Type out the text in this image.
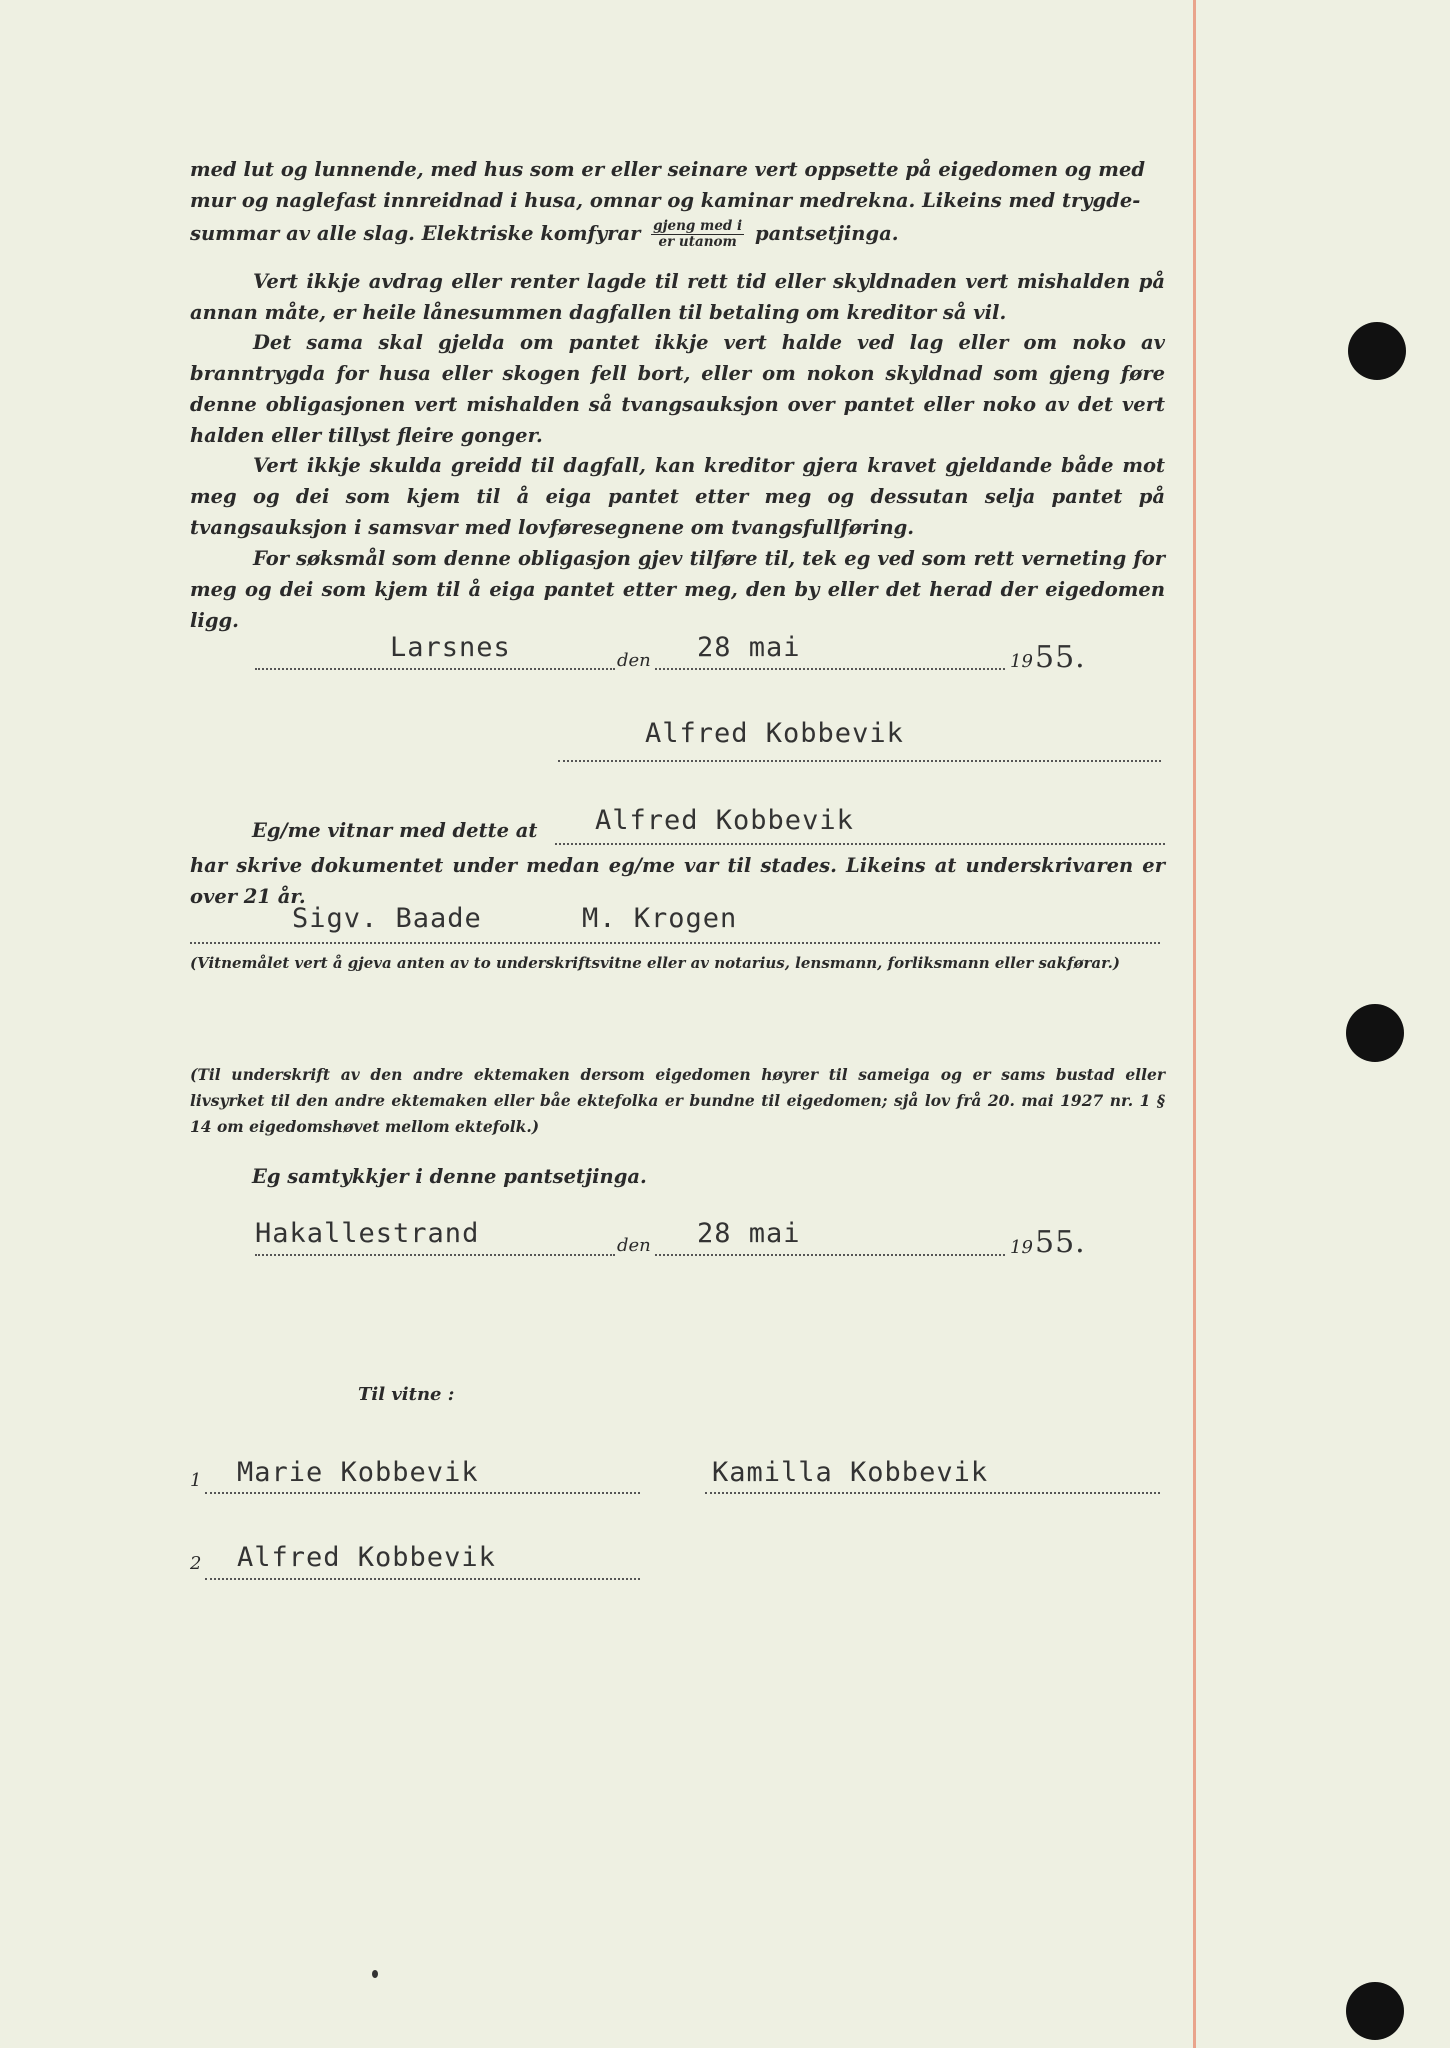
med lut og lunnende, med hus som er eller seinare vert oppsette på eigedomen og med
mur og naglefast innreidnad i husa, omnar og kaminar medrekna. Likeins med trygde-
summar av alle slag. Elektriske komfyrar $\frac{\text{gjeng med i}}{\text{er utanom}}$ pantsetjinga.
Vert ikkje avdrag eller renter lagde til rett tid eller skyldnaden vert mishalden på annan måte, er heile lånesummen dagfallen til betaling om kreditor så vil.
Det sama skal gjelda om pantet ikkje vert halde ved lag eller om noko av branntrygda for husa eller skogen fell bort, eller om nokon skyldnad som gjeng føre denne obligasjonen vert mishalden så tvangsauksjon over pantet eller noko av det vert halden eller tillyst fleire gonger.
Vert ikkje skulda greidd til dagfall, kan kreditor gjera kravet gjeldande både mot meg og dei som kjem til å eiga pantet etter meg og dessutan selja pantet på tvangsauksjon i samsvar med lovføresegnene om tvangsfullføring.
For søksmål som denne obligasjon gjev tilføre til, tek eg ved som rett verneting for meg og dei som kjem til å eiga pantet etter meg, den by eller det herad der eigedomen ligg.
Larsnes	den 28 mai	19 55.
Alfred Kobbevik
Eg/me vitnar med dette at Alfred Kobbevik
har skrive dokumentet under medan eg/me var til stades. Likeins at underskrivaren er over 21 år.
Sigv. Baade	M. Krogen
(Vitnemålet vert å gjeva anten av to underskriftsvitne eller av notarius, lensmann, forliksmann eller sakførar.)
(Til underskrift av den andre ektemaken dersom eigedomen høyrer til sameiga og er sams bustad eller livsyrket til den andre ektemaken eller båe ektefolka er bundne til eigedomen; sjå lov frå 20. mai 1927 nr. 1 § 14 om eigedomshøvet mellom ektefolk.)
Eg samtykkjer i denne pantsetjinga.
Hakallestrand	den 28 mai	19 55.
Til vitne :
1 Marie Kobbevik	Kamilla Kobbevik
2 Alfred Kobbevik
